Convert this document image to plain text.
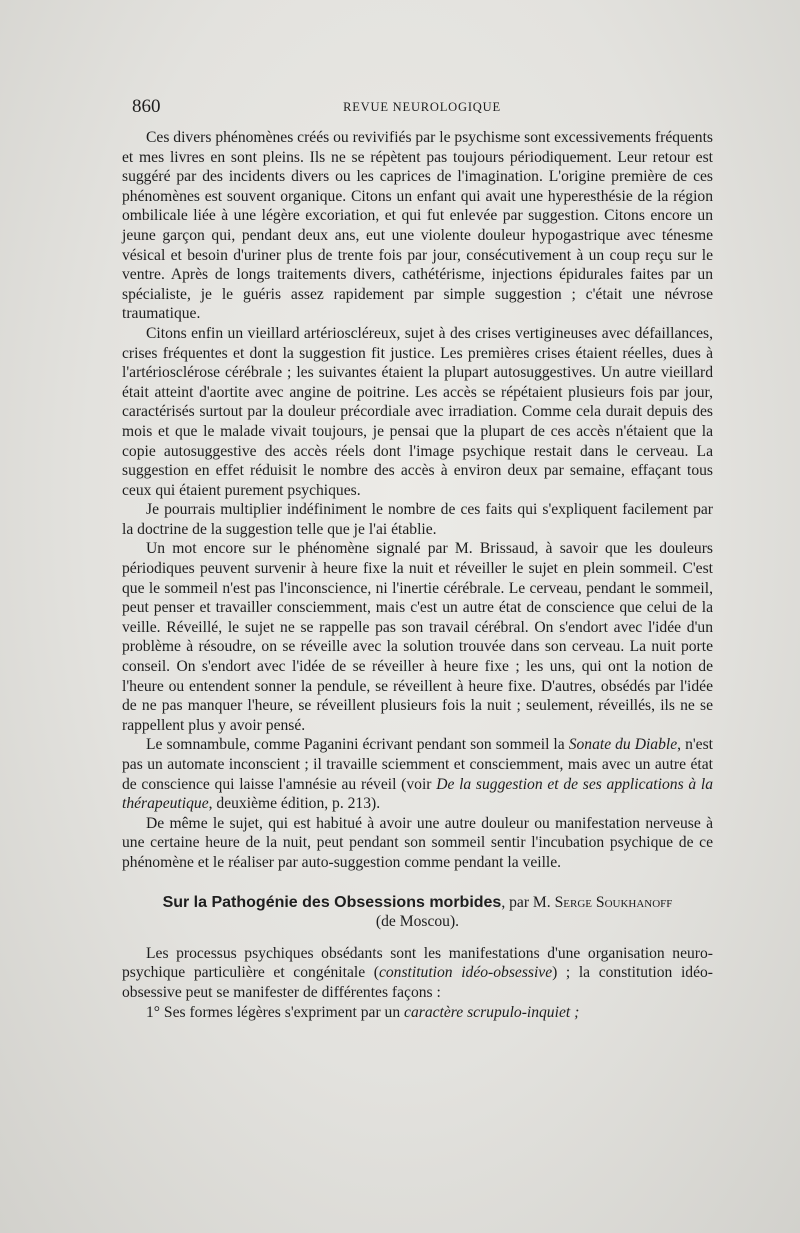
860	REVUE NEUROLOGIQUE

Ces divers phénomènes créés ou revivifiés par le psychisme sont excessivements fréquents et mes livres en sont pleins. Ils ne se répètent pas toujours périodiquement. Leur retour est suggéré par des incidents divers ou les caprices de l'imagination. L'origine première de ces phénomènes est souvent organique. Citons un enfant qui avait une hyperesthésie de la région ombilicale liée à une légère excoriation, et qui fut enlevée par suggestion. Citons encore un jeune garçon qui, pendant deux ans, eut une violente douleur hypogastrique avec ténesme vésical et besoin d'uriner plus de trente fois par jour, consécutivement à un coup reçu sur le ventre. Après de longs traitements divers, cathétérisme, injections épidurales faites par un spécialiste, je le guéris assez rapidement par simple suggestion ; c'était une névrose traumatique.

Citons enfin un vieillard artérioscléreux, sujet à des crises vertigineuses avec défaillances, crises fréquentes et dont la suggestion fit justice. Les premières crises étaient réelles, dues à l'artériosclérose cérébrale ; les suivantes étaient la plupart autosuggestives. Un autre vieillard était atteint d'aortite avec angine de poitrine. Les accès se répétaient plusieurs fois par jour, caractérisés surtout par la douleur précordiale avec irradiation. Comme cela durait depuis des mois et que le malade vivait toujours, je pensai que la plupart de ces accès n'étaient que la copie autosuggestive des accès réels dont l'image psychique restait dans le cerveau. La suggestion en effet réduisit le nombre des accès à environ deux par semaine, effaçant tous ceux qui étaient purement psychiques.

Je pourrais multiplier indéfiniment le nombre de ces faits qui s'expliquent facilement par la doctrine de la suggestion telle que je l'ai établie.

Un mot encore sur le phénomène signalé par M. Brissaud, à savoir que les douleurs périodiques peuvent survenir à heure fixe la nuit et réveiller le sujet en plein sommeil. C'est que le sommeil n'est pas l'inconscience, ni l'inertie cérébrale. Le cerveau, pendant le sommeil, peut penser et travailler consciemment, mais c'est un autre état de conscience que celui de la veille. Réveillé, le sujet ne se rappelle pas son travail cérébral. On s'endort avec l'idée d'un problème à résoudre, on se réveille avec la solution trouvée dans son cerveau. La nuit porte conseil. On s'endort avec l'idée de se réveiller à heure fixe ; les uns, qui ont la notion de l'heure ou entendent sonner la pendule, se réveillent à heure fixe. D'autres, obsédés par l'idée de ne pas manquer l'heure, se réveillent plusieurs fois la nuit ; seulement, réveillés, ils ne se rappellent plus y avoir pensé.

Le somnambule, comme Paganini écrivant pendant son sommeil la Sonate du Diable, n'est pas un automate inconscient ; il travaille sciemment et consciemment, mais avec un autre état de conscience qui laisse l'amnésie au réveil (voir De la suggestion et de ses applications à la thérapeutique, deuxième édition, p. 213).

De même le sujet, qui est habitué à avoir une autre douleur ou manifestation nerveuse à une certaine heure de la nuit, peut pendant son sommeil sentir l'incubation psychique de ce phénomène et le réaliser par auto-suggestion comme pendant la veille.

Sur la Pathogénie des Obsessions morbides, par M. Serge Soukhanoff
(de Moscou).

Les processus psychiques obsédants sont les manifestations d'une organisation neuro-psychique particulière et congénitale (constitution idéo-obsessive) ; la constitution idéo-obsessive peut se manifester de différentes façons :

1° Ses formes légères s'expriment par un caractère scrupulo-inquiet ;
